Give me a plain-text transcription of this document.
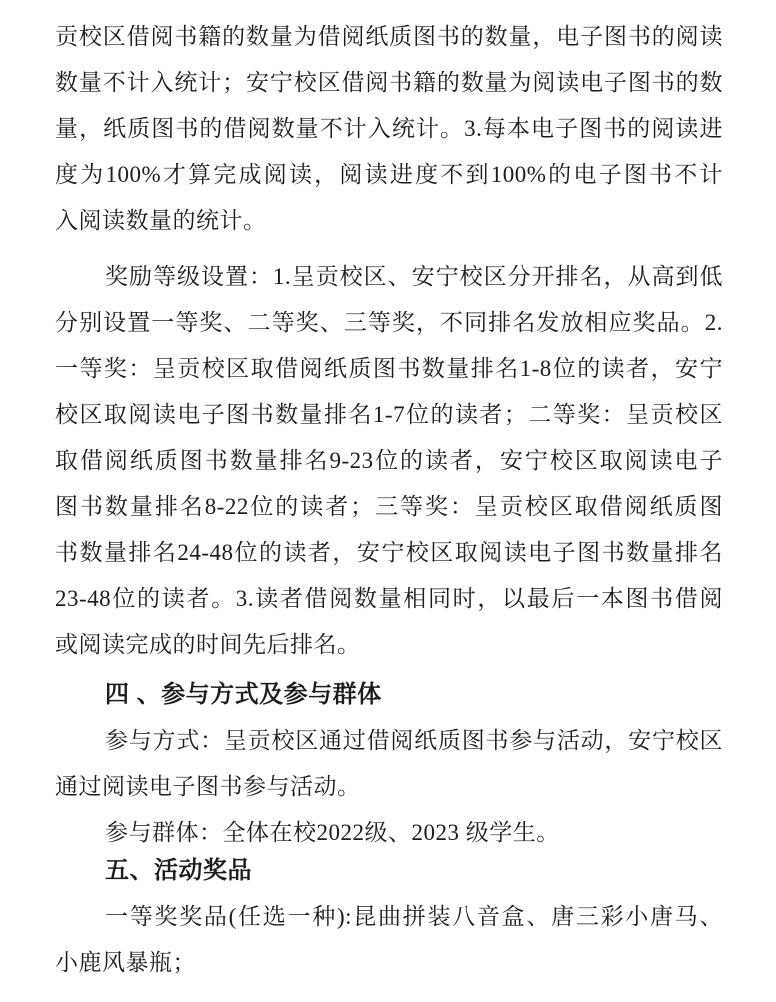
贡校区借阅书籍的数量为借阅纸质图书的数量，电子图书的阅读
数量不计入统计；安宁校区借阅书籍的数量为阅读电子图书的数
量，纸质图书的借阅数量不计入统计。3.每本电子图书的阅读进
度为100%才算完成阅读，阅读进度不到100%的电子图书不计
入阅读数量的统计。

奖励等级设置：1.呈贡校区、安宁校区分开排名，从高到低
分别设置一等奖、二等奖、三等奖，不同排名发放相应奖品。2.
一等奖：呈贡校区取借阅纸质图书数量排名1-8位的读者，安宁
校区取阅读电子图书数量排名1-7位的读者；二等奖：呈贡校区
取借阅纸质图书数量排名9-23位的读者，安宁校区取阅读电子
图书数量排名8-22位的读者；三等奖：呈贡校区取借阅纸质图
书数量排名24-48位的读者，安宁校区取阅读电子图书数量排名
23-48位的读者。3.读者借阅数量相同时，以最后一本图书借阅
或阅读完成的时间先后排名。

四 、参与方式及参与群体

参与方式：呈贡校区通过借阅纸质图书参与活动，安宁校区
通过阅读电子图书参与活动。

参与群体：全体在校2022级、2023 级学生。

五、活动奖品

一等奖奖品(任选一种):昆曲拼装八音盒、唐三彩小唐马、
小鹿风暴瓶；
